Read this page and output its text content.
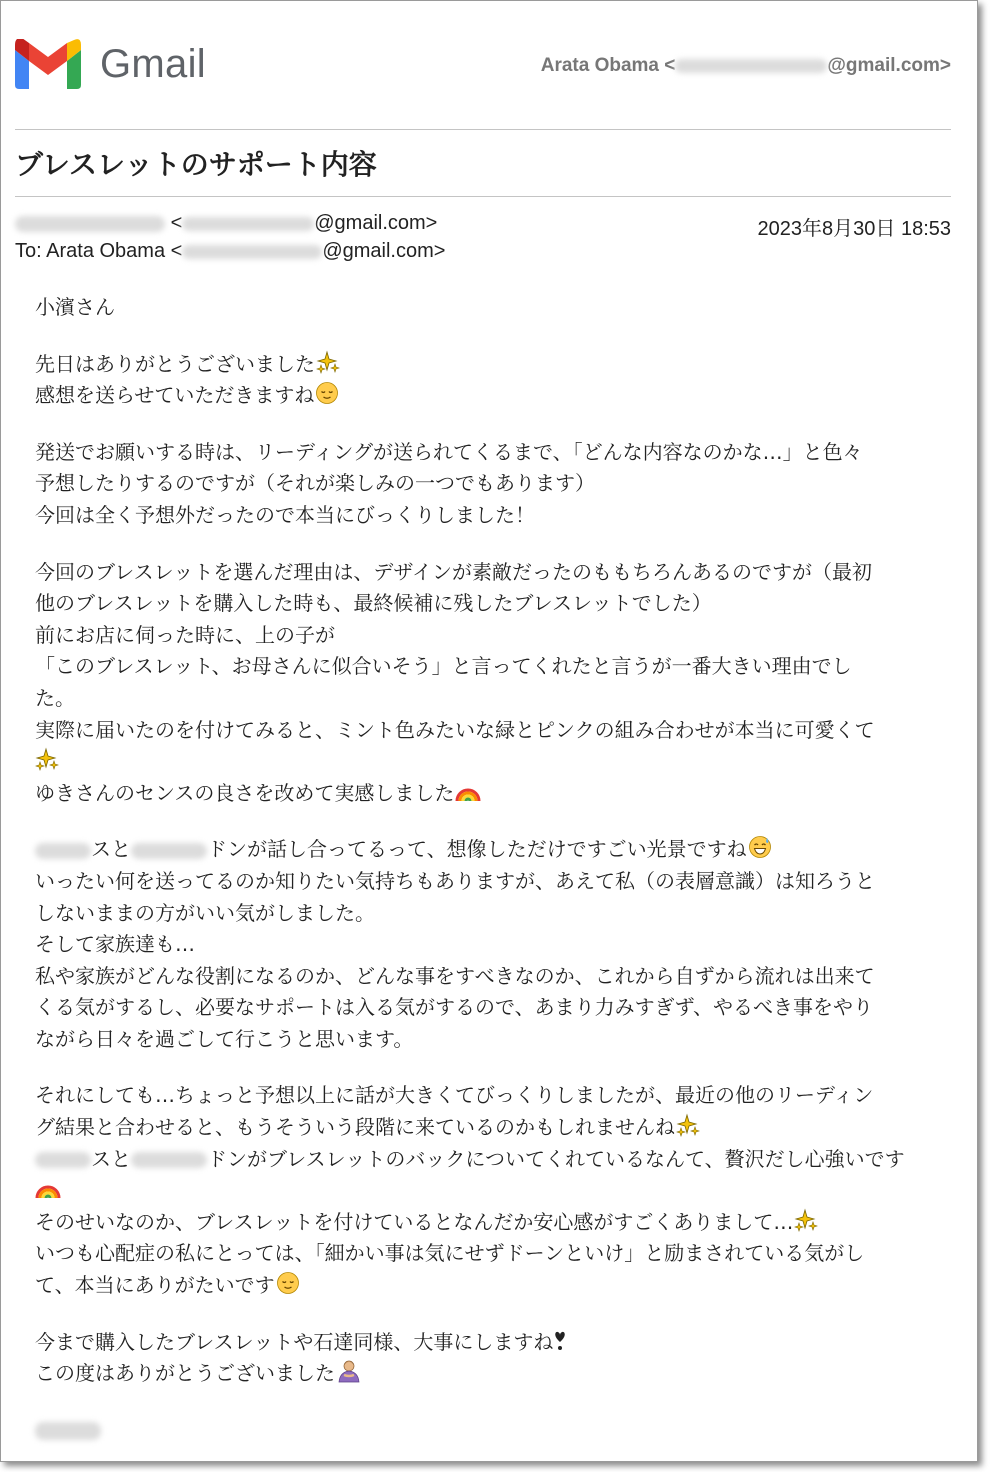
Gmail	Arata Obama <	@gmail.com>
ブレスレットのサポート内容
<	@gmail.com>	2023年8月30日 18:53
To: Arata Obama <	@gmail.com>
小濱さん
先日はありがとうございました
感想を送らせていただきますね
発送でお願いする時は、リーディングが送られてくるまで、「どんな内容なのかな…」と色々
予想したりするのですが（それが楽しみの一つでもあります）
今回は全く予想外だったので本当にびっくりしました！
今回のブレスレットを選んだ理由は、デザインが素敵だったのももちろんあるのですが（最初
他のブレスレットを購入した時も、最終候補に残したブレスレットでした）
前にお店に伺った時に、上の子が
「このブレスレット、お母さんに似合いそう」と言ってくれたと言うが一番大きい理由でし
た。
実際に届いたのを付けてみると、ミント色みたいな緑とピンクの組み合わせが本当に可愛くて
ゆきさんのセンスの良さを改めて実感しました
スと	ドンが話し合ってるって、想像しただけですごい光景ですね
いったい何を送ってるのか知りたい気持ちもありますが、あえて私（の表層意識）は知ろうと
しないままの方がいい気がしました。
そして家族達も…
私や家族がどんな役割になるのか、どんな事をすべきなのか、これから自ずから流れは出来て
くる気がするし、必要なサポートは入る気がするので、あまり力みすぎず、やるべき事をやり
ながら日々を過ごして行こうと思います。
それにしても…ちょっと予想以上に話が大きくてびっくりしましたが、最近の他のリーディン
グ結果と合わせると、もうそういう段階に来ているのかもしれませんね
スと	ドンがブレスレットのバックについてくれているなんて、贅沢だし心強いです
そのせいなのか、ブレスレットを付けているとなんだか安心感がすごくありまして…
いつも心配症の私にとっては、「細かい事は気にせずドーンといけ」と励まされている気がし
て、本当にありがたいです
今まで購入したブレスレットや石達同様、大事にしますね
この度はありがとうございました
